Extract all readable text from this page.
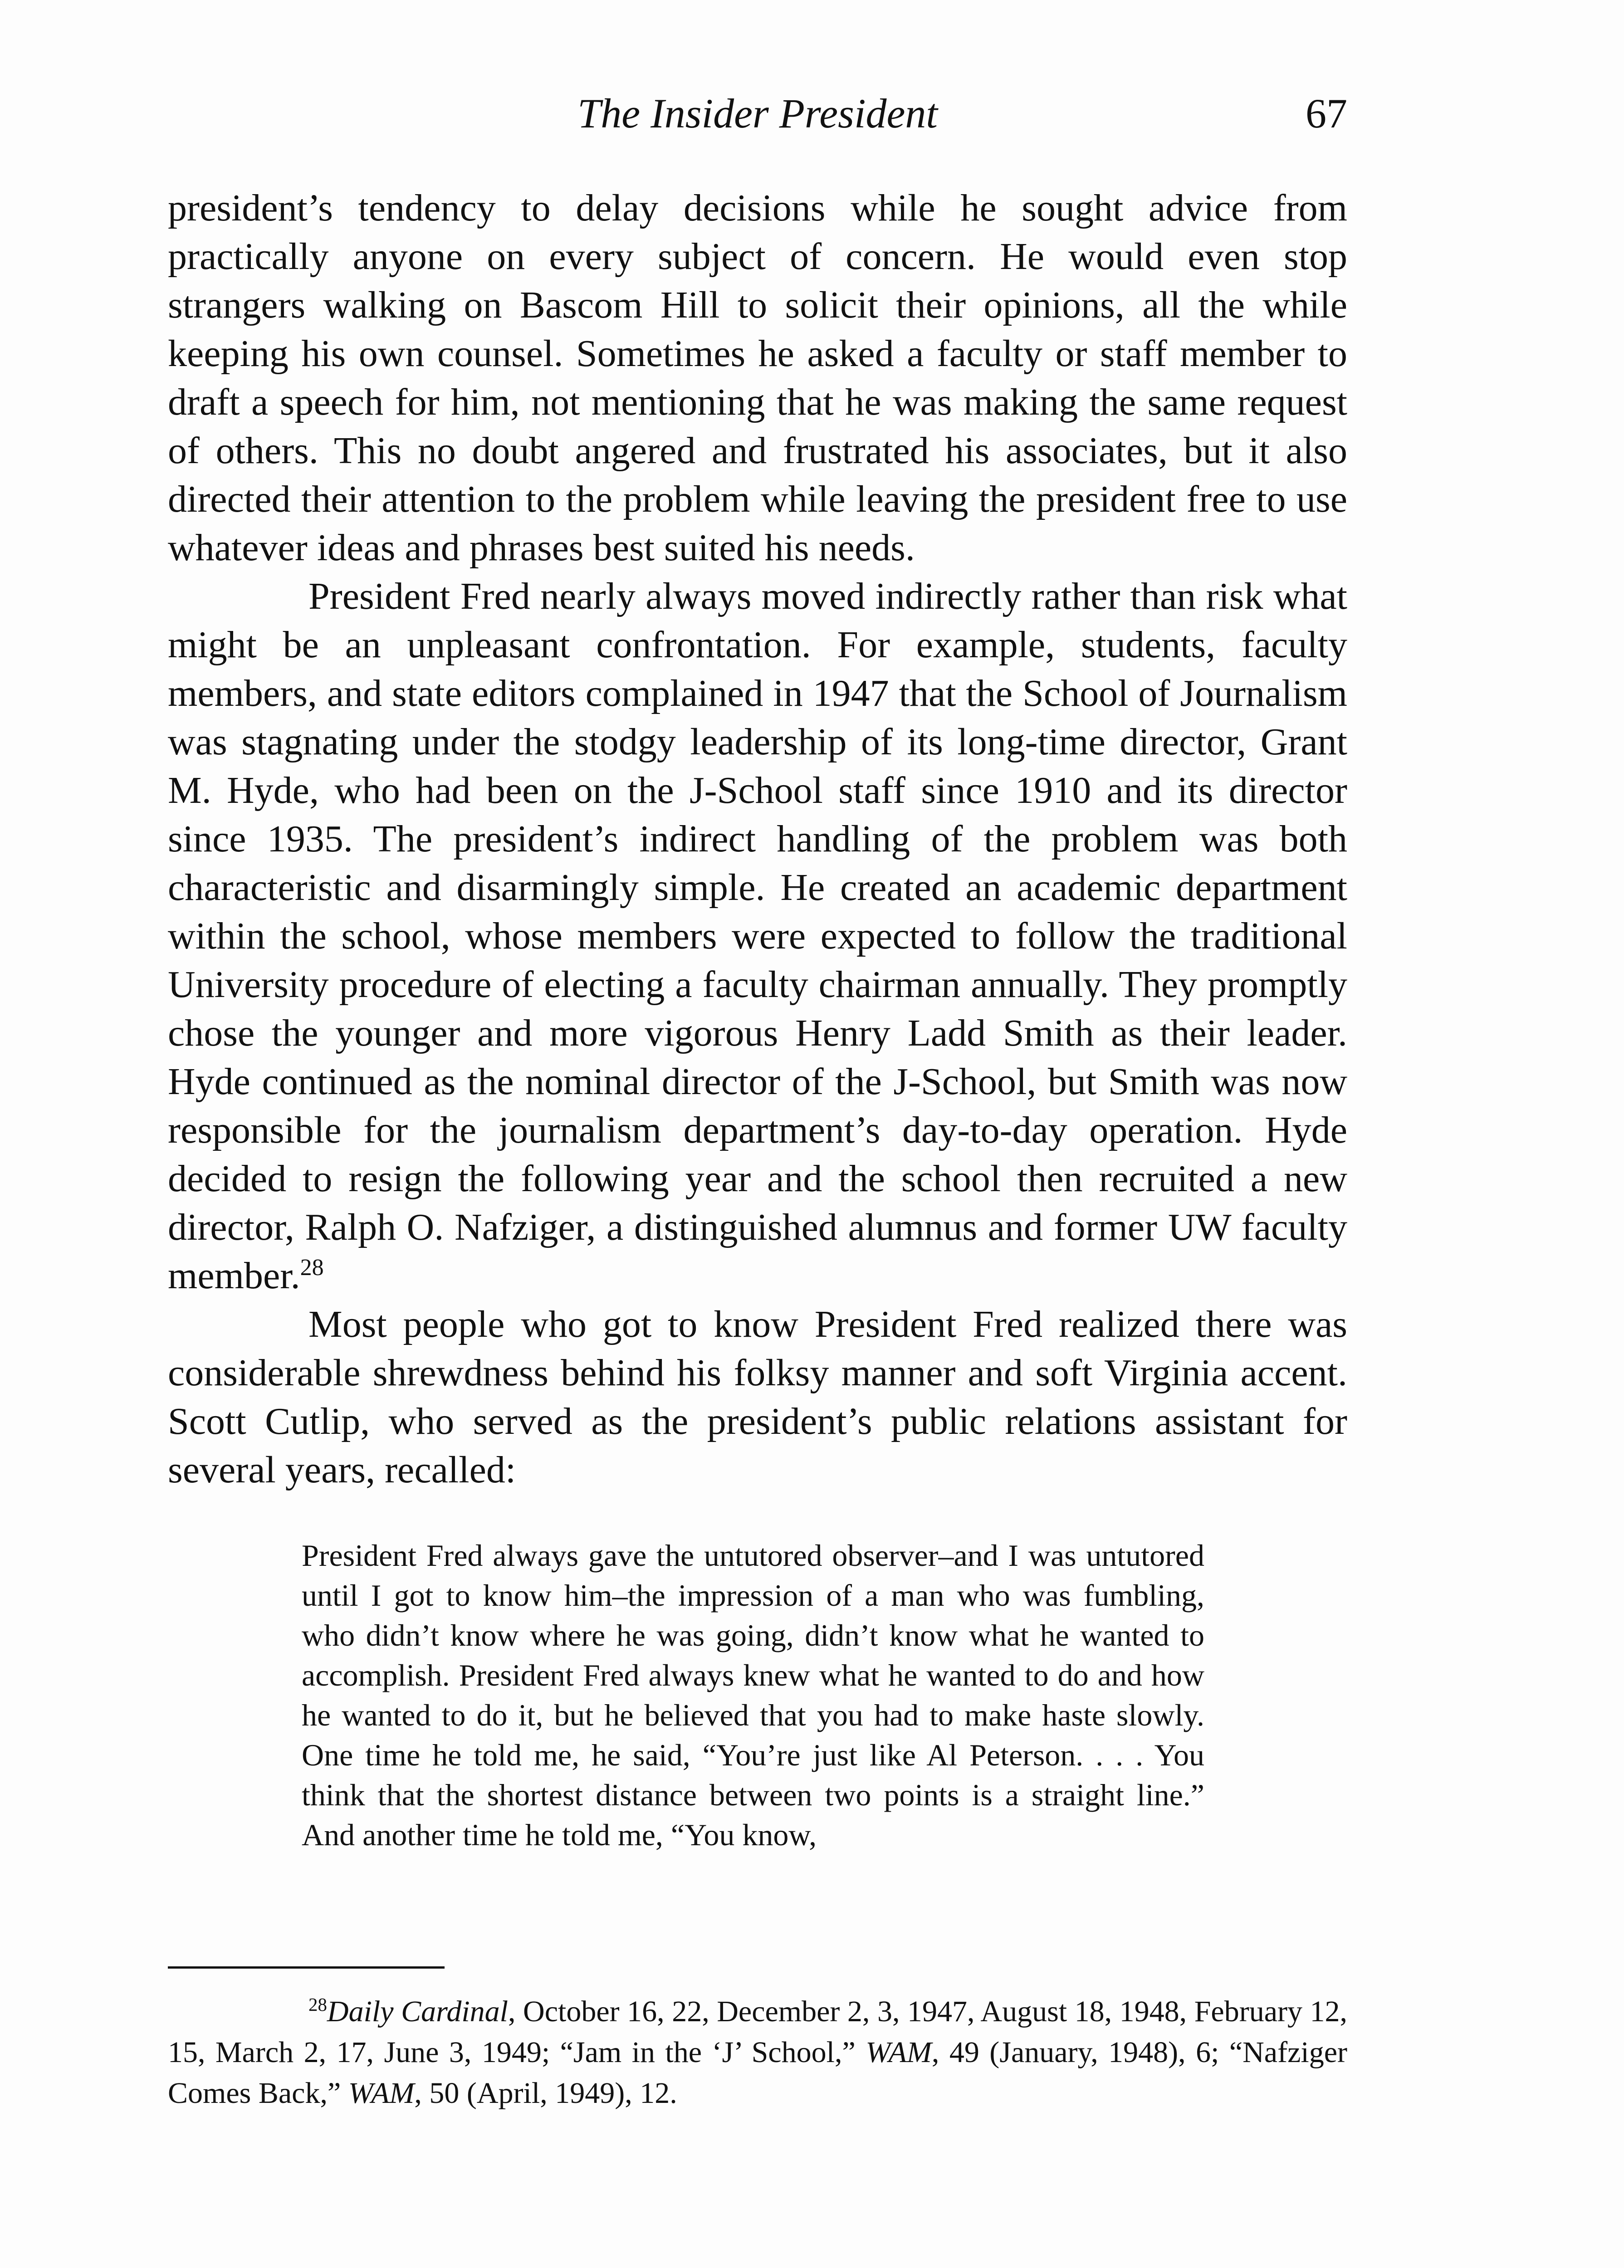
The Insider President	67

president’s tendency to delay decisions while he sought advice from practically anyone on every subject of concern. He would even stop strangers walking on Bascom Hill to solicit their opinions, all the while keeping his own counsel. Sometimes he asked a faculty or staff member to draft a speech for him, not mentioning that he was making the same request of others. This no doubt angered and frustrated his associates, but it also directed their attention to the problem while leaving the president free to use whatever ideas and phrases best suited his needs.

President Fred nearly always moved indirectly rather than risk what might be an unpleasant confrontation. For example, students, faculty members, and state editors complained in 1947 that the School of Journalism was stagnating under the stodgy leadership of its long-time director, Grant M. Hyde, who had been on the J-School staff since 1910 and its director since 1935. The president’s indirect handling of the problem was both characteristic and disarmingly simple. He created an academic department within the school, whose members were expected to follow the traditional University procedure of electing a faculty chairman annually. They promptly chose the younger and more vigorous Henry Ladd Smith as their leader. Hyde continued as the nominal director of the J-School, but Smith was now responsible for the journalism department’s day-to-day operation. Hyde decided to resign the following year and the school then recruited a new director, Ralph O. Nafziger, a distinguished alumnus and former UW faculty member.$^{28}$

Most people who got to know President Fred realized there was considerable shrewdness behind his folksy manner and soft Virginia accent. Scott Cutlip, who served as the president’s public relations assistant for several years, recalled:

President Fred always gave the untutored observer–and I was untutored until I got to know him–the impression of a man who was fumbling, who didn’t know where he was going, didn’t know what he wanted to accomplish. President Fred always knew what he wanted to do and how he wanted to do it, but he believed that you had to make haste slowly. One time he told me, he said, “You’re just like Al Peterson. . . . You think that the shortest distance between two points is a straight line.” And another time he told me, “You know,

$^{28}$Daily Cardinal, October 16, 22, December 2, 3, 1947, August 18, 1948, February 12, 15, March 2, 17, June 3, 1949; “Jam in the ‘J’ School,” WAM, 49 (January, 1948), 6; “Nafziger Comes Back,” WAM, 50 (April, 1949), 12.
